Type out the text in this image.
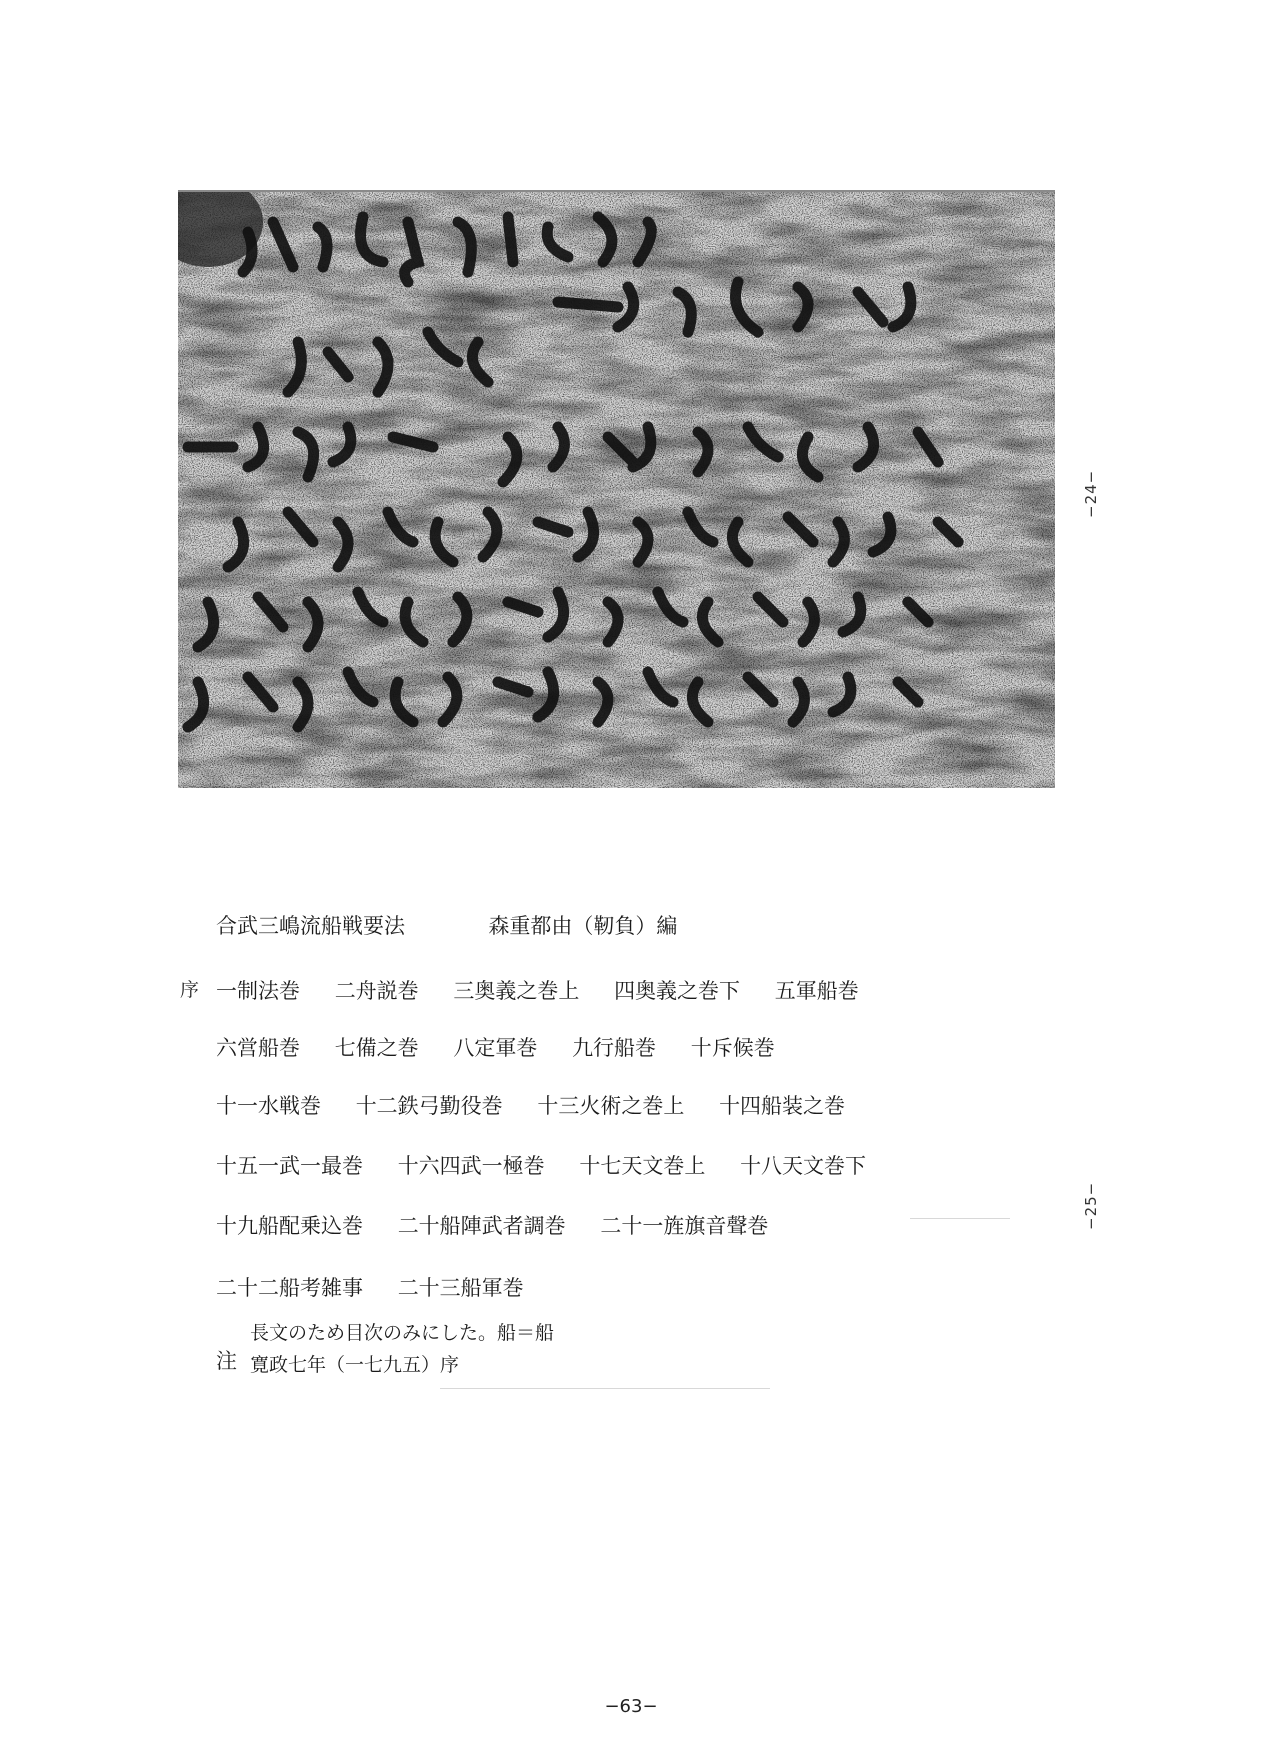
−24−
−25−
合武三嶋流船戦要法	森重都由（靭負）編
序 一制法巻 二舟説巻 三奥義之巻上 四奥義之巻下 五軍船巻
六営船巻 七備之巻 八定軍巻 九行船巻 十斥候巻
十一水戦巻 十二鉄弓勤役巻 十三火術之巻上 十四船装之巻
十五一武一最巻 十六四武一極巻 十七天文巻上 十八天文巻下
十九船配乗込巻 二十船陣武者調巻 二十一旌旗音聲巻
二十二船考雑事 二十三船軍巻
注
長文のため目次のみにした。船＝船
寛政七年（一七九五）序
−63−
